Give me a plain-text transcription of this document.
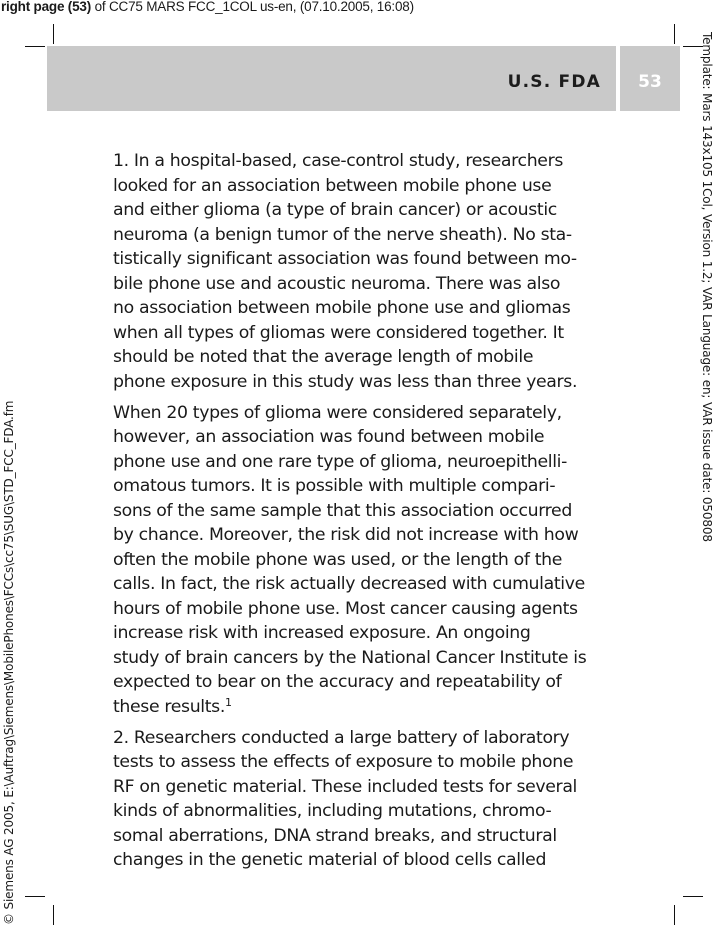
right page (53) of CC75 MARS FCC_1COL us-en, (07.10.2005, 16:08)
U.S. FDA	53	Template: Mars 143x105 1Col, Version 1.2; VAR Language: en; VAR issue date: 050808
© Siemens AG 2005, E:\Auftrag\Siemens\MobilePhones\FCCs\cc75\SUG\STD_FCC_FDA.fm
1. In a hospital-based, case-control study, researchers
looked for an association between mobile phone use
and either glioma (a type of brain cancer) or acoustic
neuroma (a benign tumor of the nerve sheath). No sta-
tistically significant association was found between mo-
bile phone use and acoustic neuroma. There was also
no association between mobile phone use and gliomas
when all types of gliomas were considered together. It
should be noted that the average length of mobile
phone exposure in this study was less than three years.
When 20 types of glioma were considered separately,
however, an association was found between mobile
phone use and one rare type of glioma, neuroepithelli-
omatous tumors. It is possible with multiple compari-
sons of the same sample that this association occurred
by chance. Moreover, the risk did not increase with how
often the mobile phone was used, or the length of the
calls. In fact, the risk actually decreased with cumulative
hours of mobile phone use. Most cancer causing agents
increase risk with increased exposure. An ongoing
study of brain cancers by the National Cancer Institute is
expected to bear on the accuracy and repeatability of
these results.$^1$
2. Researchers conducted a large battery of laboratory
tests to assess the effects of exposure to mobile phone
RF on genetic material. These included tests for several
kinds of abnormalities, including mutations, chromo-
somal aberrations, DNA strand breaks, and structural
changes in the genetic material of blood cells called
